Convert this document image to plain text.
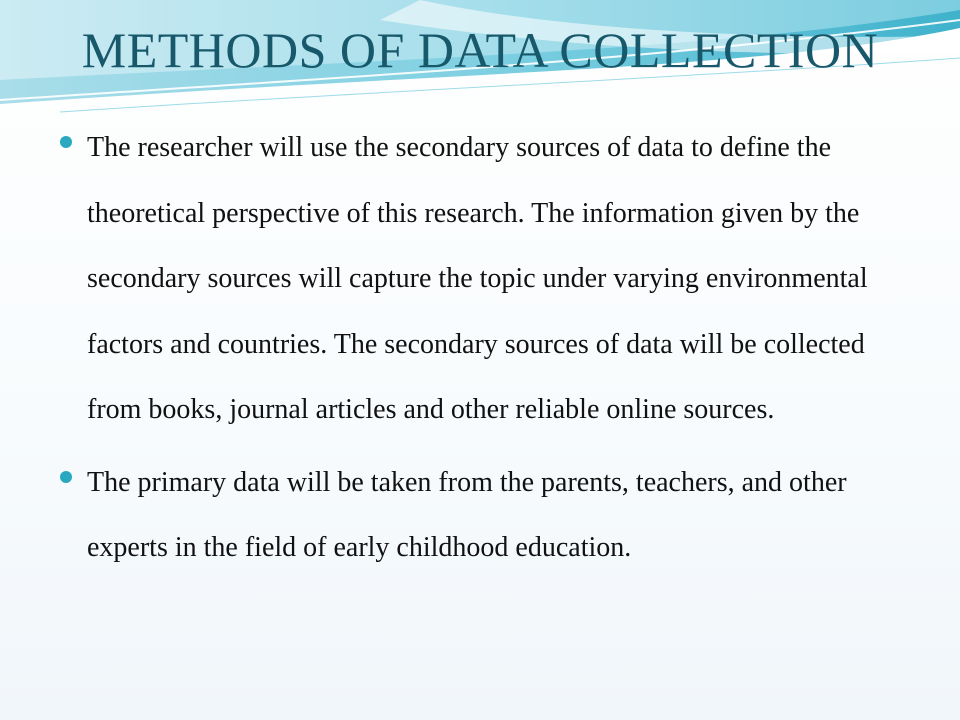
METHODS OF DATA COLLECTION
The researcher will use the secondary sources of data to define the theoretical perspective of this research. The information given by the secondary sources will capture the topic under varying environmental factors and countries. The secondary sources of data will be collected from books, journal articles and other reliable online sources.
The primary data will be taken from the parents, teachers, and other experts in the field of early childhood education.
